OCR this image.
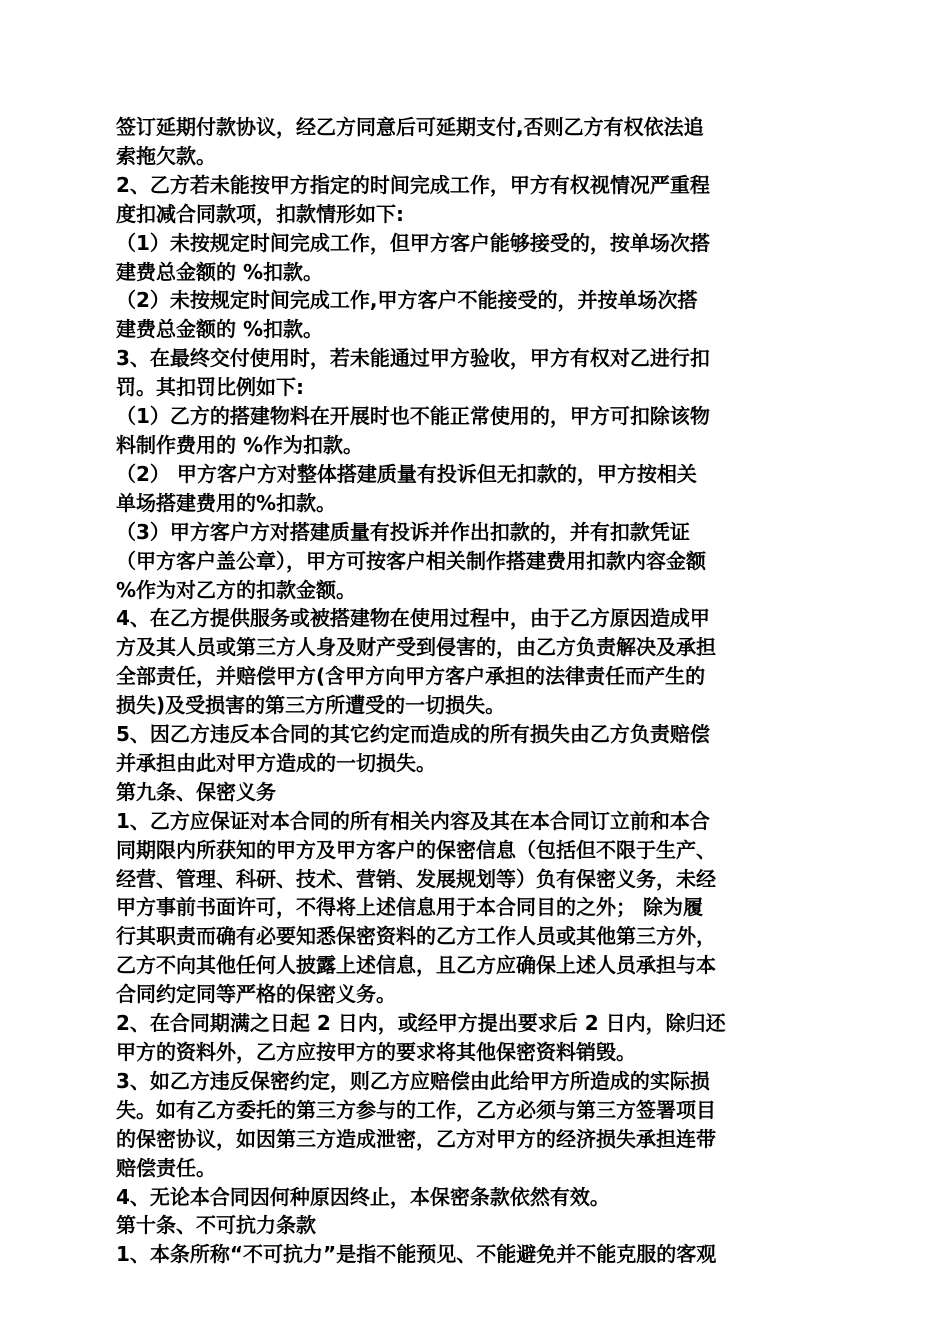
签订延期付款协议，经乙方同意后可延期支付,否则乙方有权依法追
索拖欠款。
2、乙方若未能按甲方指定的时间完成工作，甲方有权视情况严重程
度扣减合同款项，扣款情形如下:
（1）未按规定时间完成工作，但甲方客户能够接受的，按单场次搭
建费总金额的 %扣款。
（2）未按规定时间完成工作,甲方客户不能接受的，并按单场次搭
建费总金额的 %扣款。
3、在最终交付使用时，若未能通过甲方验收，甲方有权对乙进行扣
罚。其扣罚比例如下:
（1）乙方的搭建物料在开展时也不能正常使用的，甲方可扣除该物
料制作费用的 %作为扣款。
（2） 甲方客户方对整体搭建质量有投诉但无扣款的，甲方按相关
单场搭建费用的%扣款。
（3）甲方客户方对搭建质量有投诉并作出扣款的，并有扣款凭证
（甲方客户盖公章），甲方可按客户相关制作搭建费用扣款内容金额
%作为对乙方的扣款金额。
4、在乙方提供服务或被搭建物在使用过程中，由于乙方原因造成甲
方及其人员或第三方人身及财产受到侵害的，由乙方负责解决及承担
全部责任，并赔偿甲方(含甲方向甲方客户承担的法律责任而产生的
损失)及受损害的第三方所遭受的一切损失。
5、因乙方违反本合同的其它约定而造成的所有损失由乙方负责赔偿
并承担由此对甲方造成的一切损失。
第九条、保密义务
1、乙方应保证对本合同的所有相关内容及其在本合同订立前和本合
同期限内所获知的甲方及甲方客户的保密信息（包括但不限于生产、
经营、管理、科研、技术、营销、发展规划等）负有保密义务，未经
甲方事前书面许可，不得将上述信息用于本合同目的之外； 除为履
行其职责而确有必要知悉保密资料的乙方工作人员或其他第三方外，
乙方不向其他任何人披露上述信息，且乙方应确保上述人员承担与本
合同约定同等严格的保密义务。
2、在合同期满之日起 2 日内，或经甲方提出要求后 2 日内，除归还
甲方的资料外，乙方应按甲方的要求将其他保密资料销毁。
3、如乙方违反保密约定，则乙方应赔偿由此给甲方所造成的实际损
失。如有乙方委托的第三方参与的工作，乙方必须与第三方签署项目
的保密协议，如因第三方造成泄密，乙方对甲方的经济损失承担连带
赔偿责任。
4、无论本合同因何种原因终止，本保密条款依然有效。
第十条、不可抗力条款
1、本条所称“不可抗力”是指不能预见、不能避免并不能克服的客观
